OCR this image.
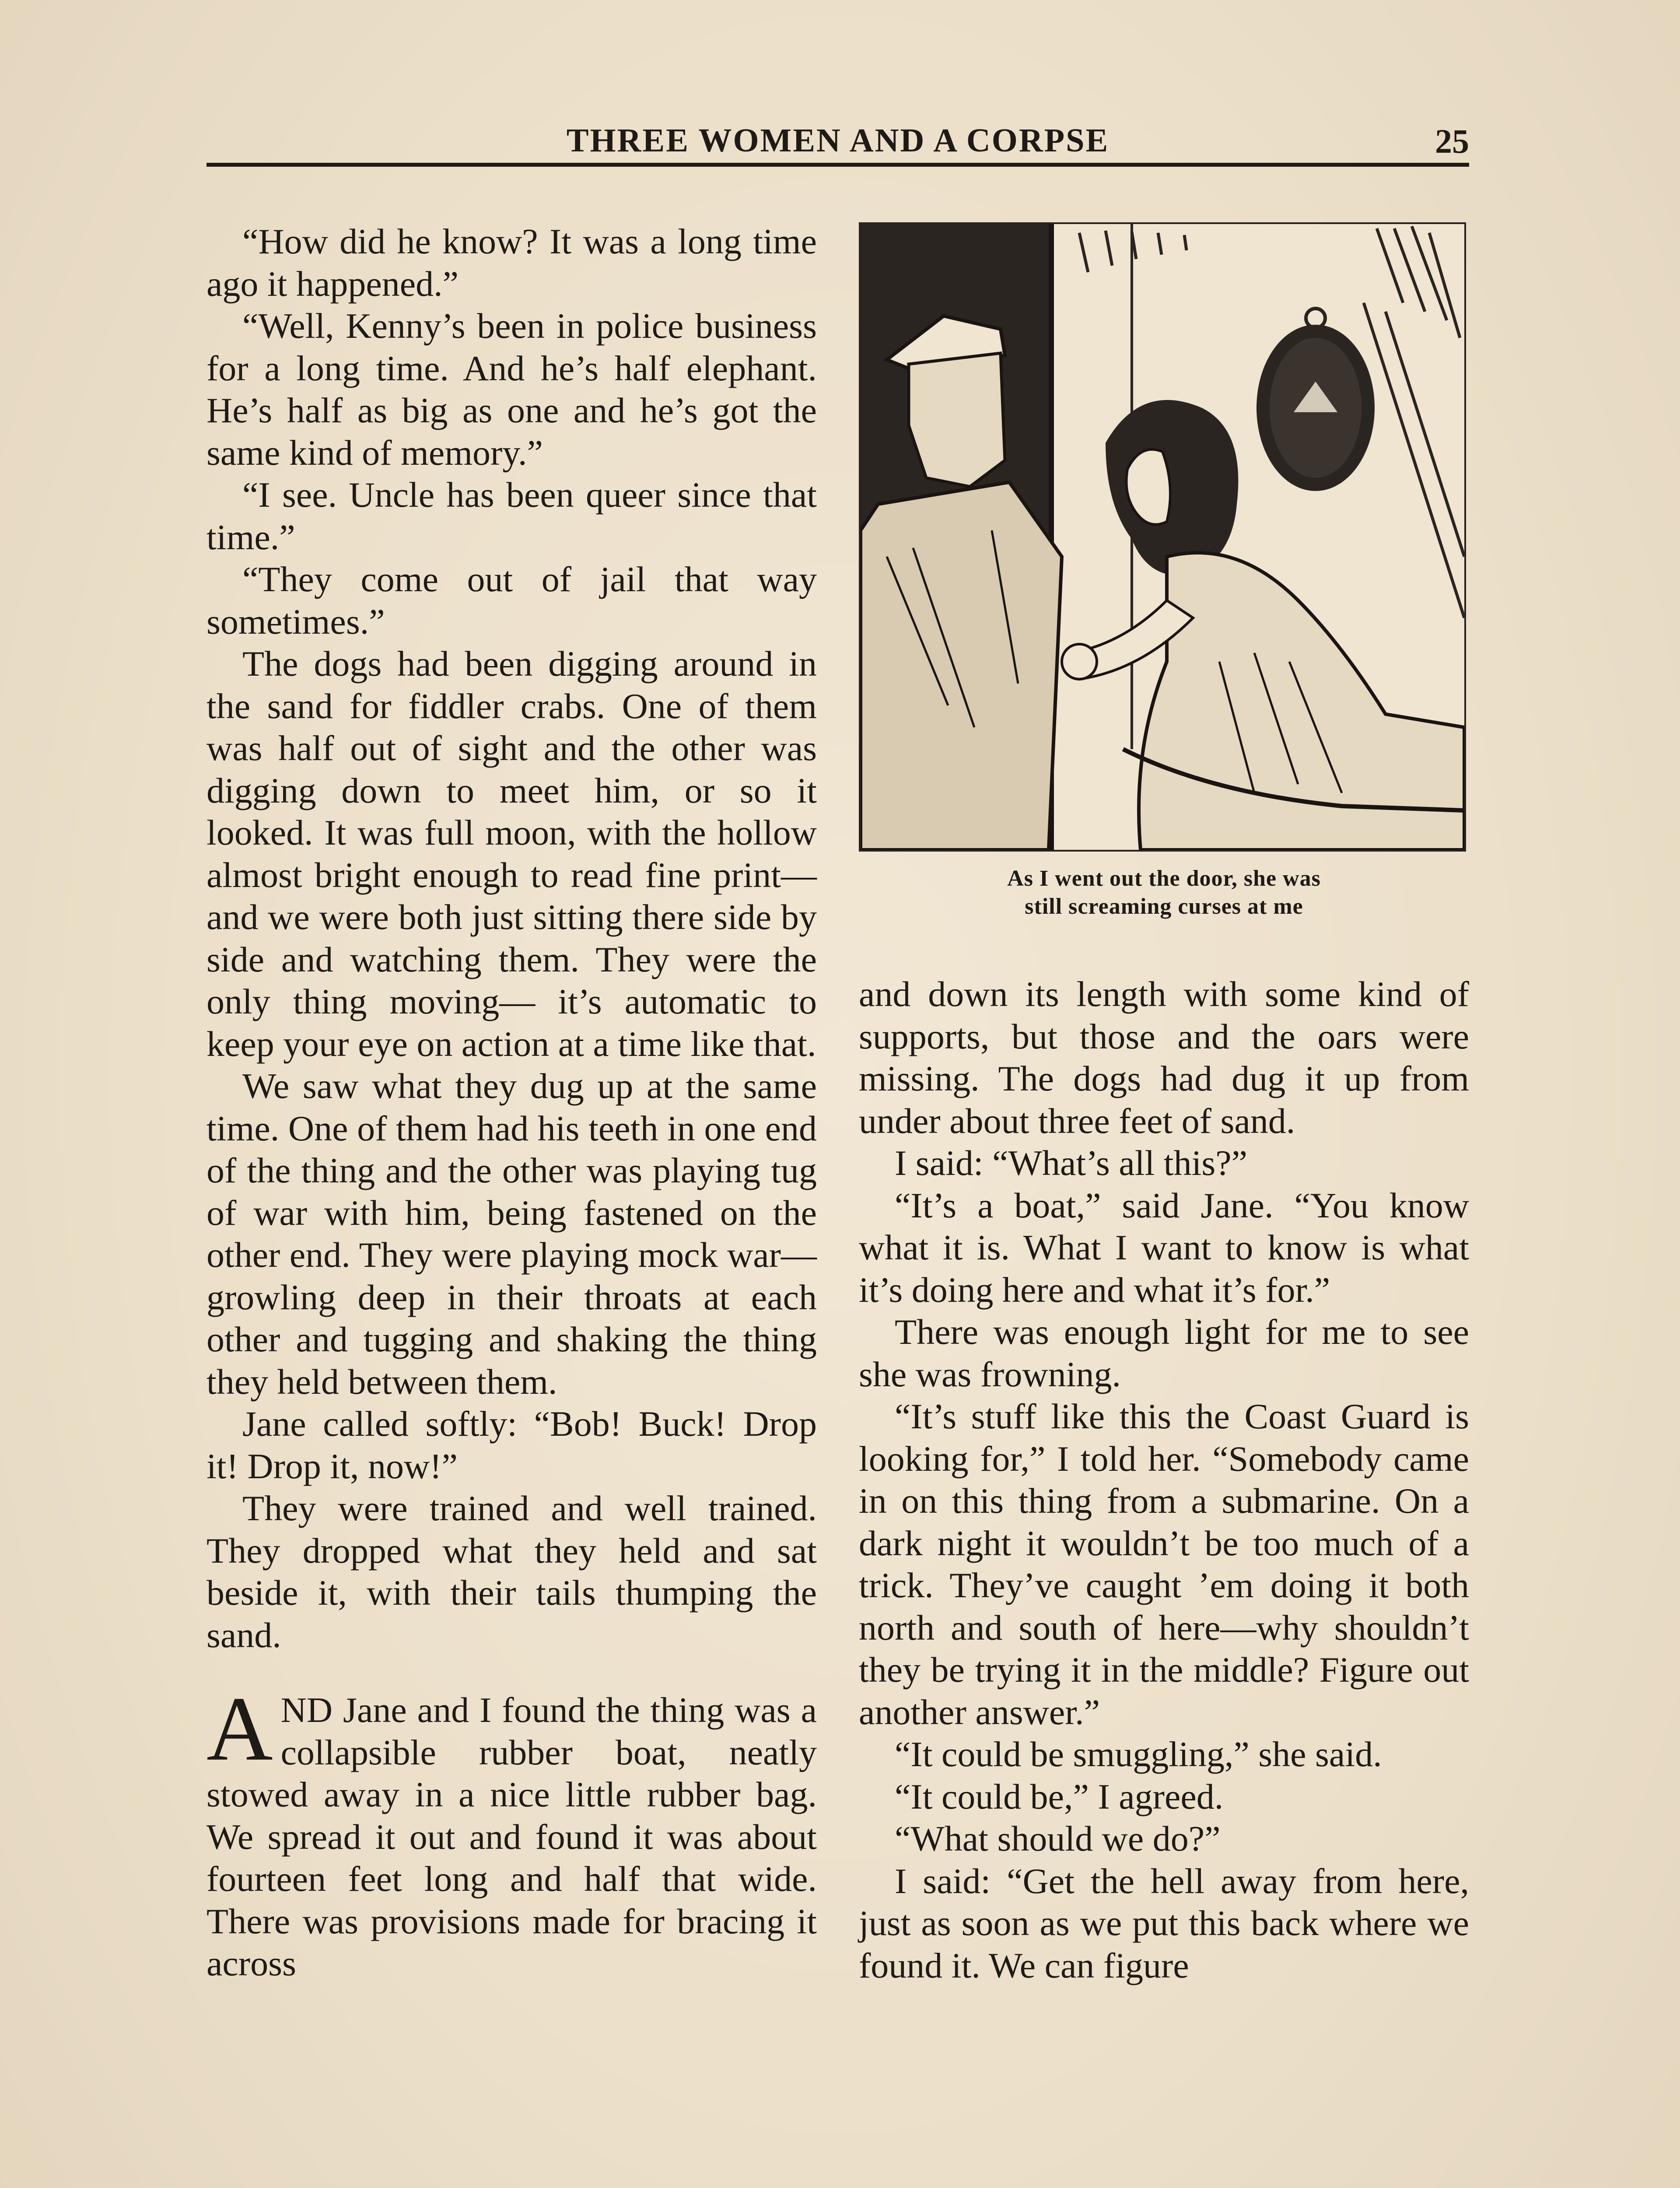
THREE WOMEN AND A CORPSE	25

“How did he know? It was a long time ago it happened.”

“Well, Kenny’s been in police business for a long time. And he’s half elephant. He’s half as big as one and he’s got the same kind of memory.”

“I see. Uncle has been queer since that time.”

“They come out of jail that way sometimes.”

The dogs had been digging around in the sand for fiddler crabs. One of them was half out of sight and the other was digging down to meet him, or so it looked. It was full moon, with the hollow almost bright enough to read fine print— and we were both just sitting there side by side and watching them. They were the only thing moving— it’s automatic to keep your eye on action at a time like that.

We saw what they dug up at the same time. One of them had his teeth in one end of the thing and the other was playing tug of war with him, being fastened on the other end. They were playing mock war— growling deep in their throats at each other and tugging and shaking the thing they held between them.

Jane called softly: “Bob! Buck! Drop it! Drop it, now!”

They were trained and well trained. They dropped what they held and sat beside it, with their tails thumping the sand.

AND Jane and I found the thing was a collapsible rubber boat, neatly stowed away in a nice little rubber bag. We spread it out and found it was about fourteen feet long and half that wide. There was provisions made for bracing it across

As I went out the door, she was
still screaming curses at me

and down its length with some kind of supports, but those and the oars were missing. The dogs had dug it up from under about three feet of sand.

I said: “What’s all this?”

“It’s a boat,” said Jane. “You know what it is. What I want to know is what it’s doing here and what it’s for.”

There was enough light for me to see she was frowning.

“It’s stuff like this the Coast Guard is looking for,” I told her. “Somebody came in on this thing from a submarine. On a dark night it wouldn’t be too much of a trick. They’ve caught ’em doing it both north and south of here—why shouldn’t they be trying it in the middle? Figure out another answer.”

“It could be smuggling,” she said.

“It could be,” I agreed.

“What should we do?”

I said: “Get the hell away from here, just as soon as we put this back where we found it. We can figure
